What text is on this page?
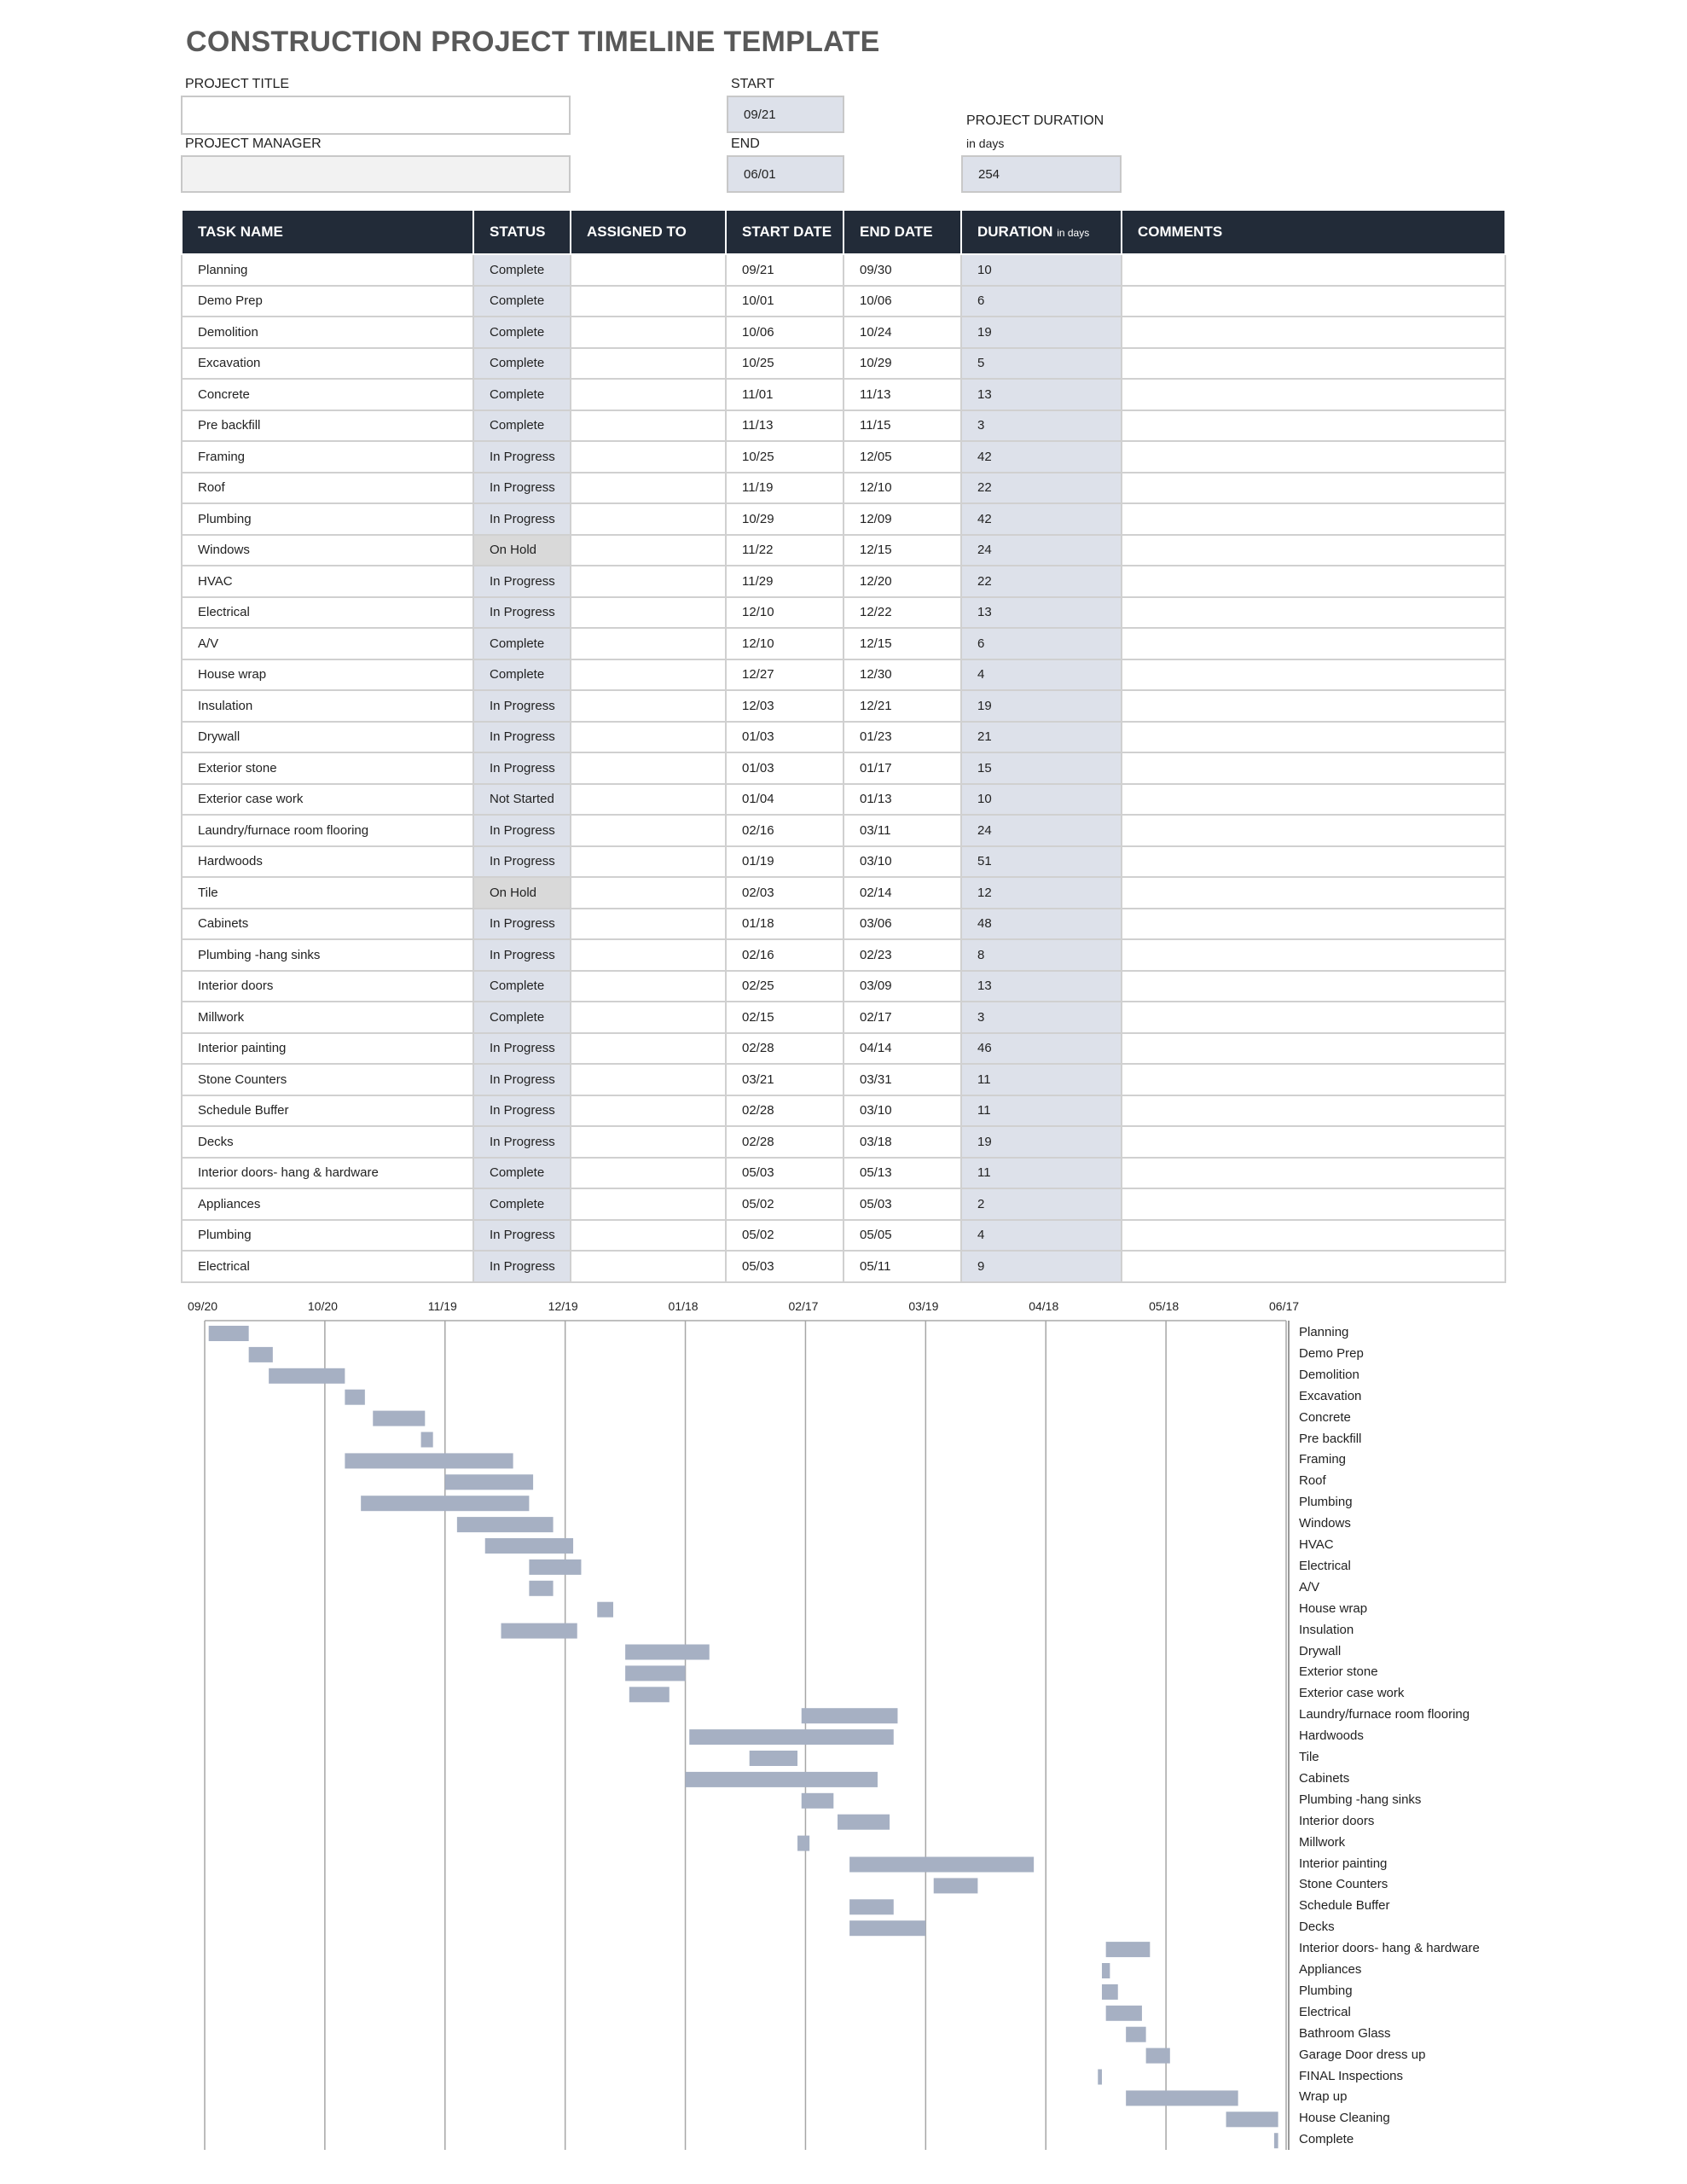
CONSTRUCTION PROJECT TIMELINE TEMPLATE
PROJECT TITLE
PROJECT MANAGER
START
09/21
END
06/01
PROJECT DURATION
in days
254
TASK NAME	STATUS	ASSIGNED TO	START DATE	END DATE	DURATION in days	COMMENTS
Planning	Complete		09/21	09/30	10	
Demo Prep	Complete		10/01	10/06	6	
Demolition	Complete		10/06	10/24	19	
Excavation	Complete		10/25	10/29	5	
Concrete	Complete		11/01	11/13	13	
Pre backfill	Complete		11/13	11/15	3	
Framing	In Progress		10/25	12/05	42	
Roof	In Progress		11/19	12/10	22	
Plumbing	In Progress		10/29	12/09	42	
Windows	On Hold		11/22	12/15	24	
HVAC	In Progress		11/29	12/20	22	
Electrical	In Progress		12/10	12/22	13	
A/V	Complete		12/10	12/15	6	
House wrap	Complete		12/27	12/30	4	
Insulation	In Progress		12/03	12/21	19	
Drywall	In Progress		01/03	01/23	21	
Exterior stone	In Progress		01/03	01/17	15	
Exterior case work	Not Started		01/04	01/13	10	
Laundry/furnace room flooring	In Progress		02/16	03/11	24	
Hardwoods	In Progress		01/19	03/10	51	
Tile	On Hold		02/03	02/14	12	
Cabinets	In Progress		01/18	03/06	48	
Plumbing -hang sinks	In Progress		02/16	02/23	8	
Interior doors	Complete		02/25	03/09	13	
Millwork	Complete		02/15	02/17	3	
Interior painting	In Progress		02/28	04/14	46	
Stone Counters	In Progress		03/21	03/31	11	
Schedule Buffer	In Progress		02/28	03/10	11	
Decks	In Progress		02/28	03/18	19	
Interior doors- hang & hardware	Complete		05/03	05/13	11	
Appliances	Complete		05/02	05/03	2	
Plumbing	In Progress		05/02	05/05	4	
Electrical	In Progress		05/03	05/11	9	
09/20	10/20	11/19	12/19	01/18	02/17	03/19	04/18	05/18	06/17
Planning
Demo Prep
Demolition
Excavation
Concrete
Pre backfill
Framing
Roof
Plumbing
Windows
HVAC
Electrical
A/V
House wrap
Insulation
Drywall
Exterior stone
Exterior case work
Laundry/furnace room flooring
Hardwoods
Tile
Cabinets
Plumbing -hang sinks
Interior doors
Millwork
Interior painting
Stone Counters
Schedule Buffer
Decks
Interior doors- hang & hardware
Appliances
Plumbing
Electrical
Bathroom Glass
Garage Door dress up
FINAL Inspections
Wrap up
House Cleaning
Complete
